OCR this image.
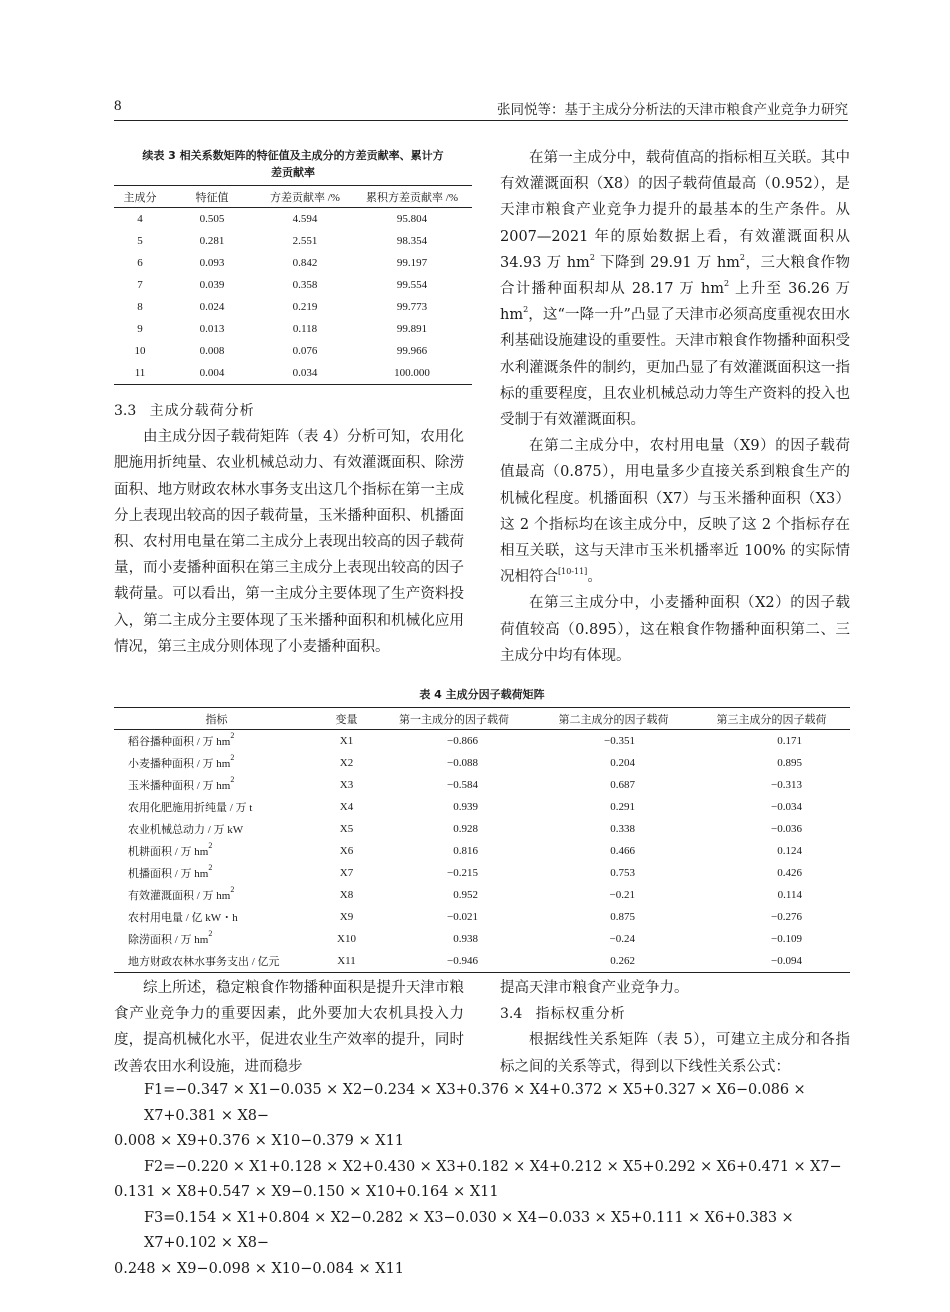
8	张同悦等：基于主成分分析法的天津市粮食产业竞争力研究
续表 3 相关系数矩阵的特征值及主成分的方差贡献率、累计方
差贡献率
主成分	特征值	方差贡献率 /%	累积方差贡献率 /%
4	0.505	4.594	95.804
5	0.281	2.551	98.354
6	0.093	0.842	99.197
7	0.039	0.358	99.554
8	0.024	0.219	99.773
9	0.013	0.118	99.891
10	0.008	0.076	99.966
11	0.004	0.034	100.000
3.3 主成分载荷分析

由主成分因子载荷矩阵（表 4）分析可知，农用化肥施用折纯量、农业机械总动力、有效灌溉面积、除涝面积、地方财政农林水事务支出这几个指标在第一主成分上表现出较高的因子载荷量，玉米播种面积、机播面积、农村用电量在第二主成分上表现出较高的因子载荷量，而小麦播种面积在第三主成分上表现出较高的因子载荷量。可以看出，第一主成分主要体现了生产资料投入，第二主成分主要体现了玉米播种面积和机械化应用情况，第三主成分则体现了小麦播种面积。

在第一主成分中，载荷值高的指标相互关联。其中有效灌溉面积（X8）的因子载荷值最高（0.952），是天津市粮食产业竞争力提升的最基本的生产条件。从 2007—2021 年的原始数据上看，有效灌溉面积从 34.93 万 $hm^2$ 下降到 29.91 万 $hm^2$，三大粮食作物合计播种面积却从 28.17 万 $hm^2$ 上升至 36.26 万 $hm^2$，这“一降一升”凸显了天津市必须高度重视农田水利基础设施建设的重要性。天津市粮食作物播种面积受水利灌溉条件的制约，更加凸显了有效灌溉面积这一指标的重要程度，且农业机械总动力等生产资料的投入也受制于有效灌溉面积。

在第二主成分中，农村用电量（X9）的因子载荷值最高（0.875），用电量多少直接关系到粮食生产的机械化程度。机播面积（X7）与玉米播种面积（X3）这 2 个指标均在该主成分中，反映了这 2 个指标存在相互关联，这与天津市玉米机播率近 100% 的实际情况相符合[10-11]。

在第三主成分中，小麦播种面积（X2）的因子载荷值较高（0.895），这在粮食作物播种面积第二、三主成分中均有体现。

表 4 主成分因子载荷矩阵
指标	变量	第一主成分的因子载荷	第二主成分的因子载荷	第三主成分的因子载荷
稻谷播种面积 / 万 $hm^2$	X1	−0.866	−0.351	0.171
小麦播种面积 / 万 $hm^2$	X2	−0.088	0.204	0.895
玉米播种面积 / 万 $hm^2$	X3	−0.584	0.687	−0.313
农用化肥施用折纯量 / 万 t	X4	0.939	0.291	−0.034
农业机械总动力 / 万 kW	X5	0.928	0.338	−0.036
机耕面积 / 万 $hm^2$	X6	0.816	0.466	0.124
机播面积 / 万 $hm^2$	X7	−0.215	0.753	0.426
有效灌溉面积 / 万 $hm^2$	X8	0.952	−0.21	0.114
农村用电量 / 亿 kW・h	X9	−0.021	0.875	−0.276
除涝面积 / 万 $hm^2$	X10	0.938	−0.24	−0.109
地方财政农林水事务支出 / 亿元	X11	−0.946	0.262	−0.094

综上所述，稳定粮食作物播种面积是提升天津市粮食产业竞争力的重要因素，此外要加大农机具投入力度，提高机械化水平，促进农业生产效率的提升，同时改善农田水利设施，进而稳步

提高天津市粮食产业竞争力。
3.4 指标权重分析

根据线性关系矩阵（表 5），可建立主成分和各指标之间的关系等式，得到以下线性关系公式：

F1=−0.347 × X1−0.035 × X2−0.234 × X3+0.376 × X4+0.372 × X5+0.327 × X6−0.086 × X7+0.381 × X8−
0.008 × X9+0.376 × X10−0.379 × X11
F2=−0.220 × X1+0.128 × X2+0.430 × X3+0.182 × X4+0.212 × X5+0.292 × X6+0.471 × X7−
0.131 × X8+0.547 × X9−0.150 × X10+0.164 × X11
F3=0.154 × X1+0.804 × X2−0.282 × X3−0.030 × X4−0.033 × X5+0.111 × X6+0.383 × X7+0.102 × X8−
0.248 × X9−0.098 × X10−0.084 × X11
